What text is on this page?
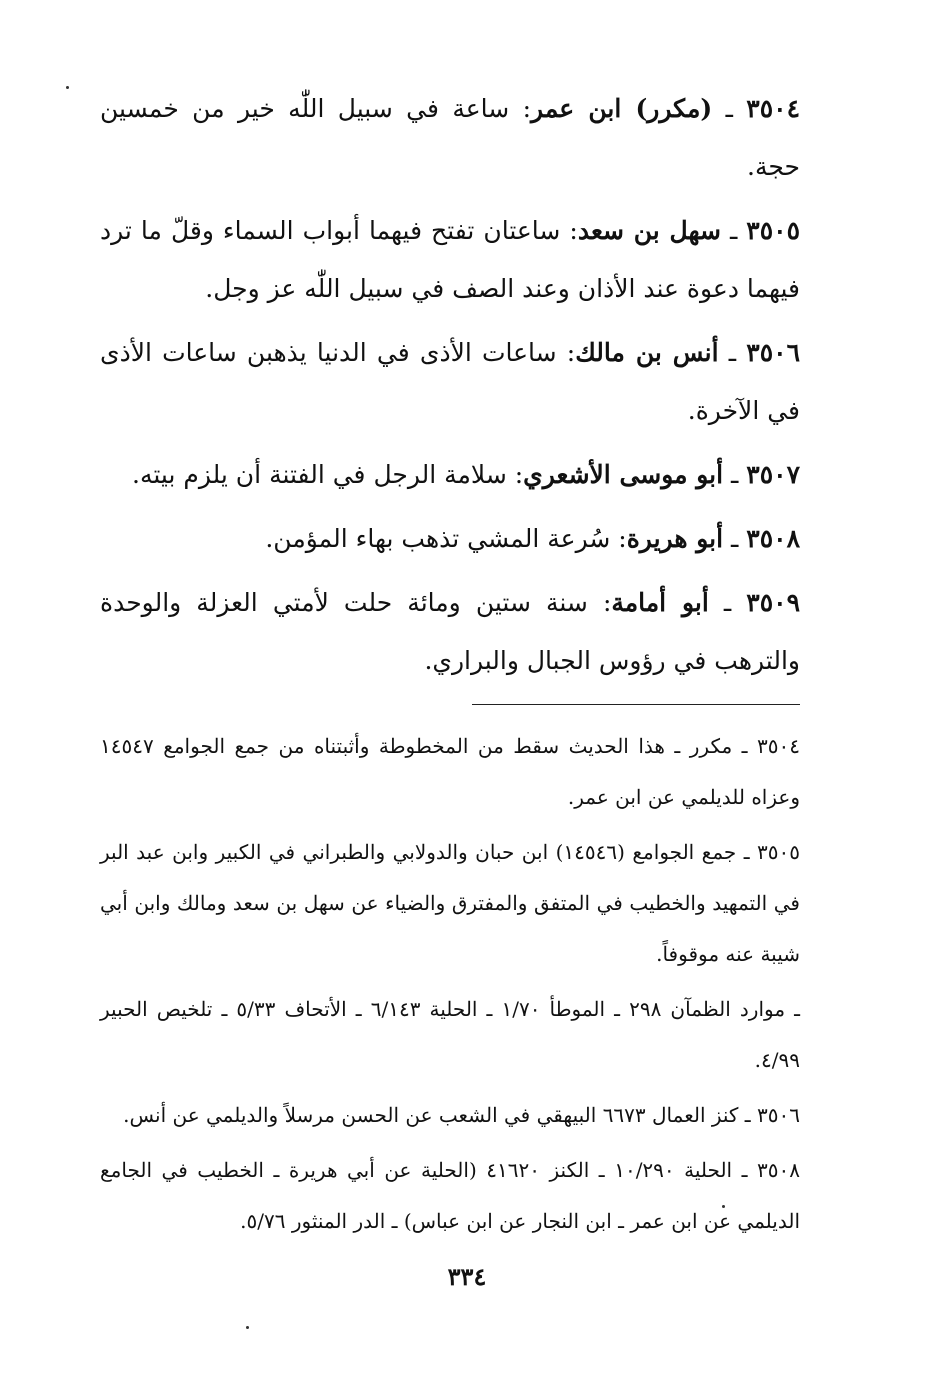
٣٥٠٤ ـ (مكرر) ابن عمر: ساعة في سبيل اللّٰه خير من خمسين حجة.

٣٥٠٥ ـ سهل بن سعد: ساعتان تفتح فيهما أبواب السماء وقلّ ما ترد فيهما دعوة عند الأذان وعند الصف في سبيل اللّٰه عز وجل.

٣٥٠٦ ـ أنس بن مالك: ساعات الأذى في الدنيا يذهبن ساعات الأذى في الآخرة.

٣٥٠٧ ـ أبو موسى الأشعري: سلامة الرجل في الفتنة أن يلزم بيته.

٣٥٠٨ ـ أبو هريرة: سُرعة المشي تذهب بهاء المؤمن.

٣٥٠٩ ـ أبو أمامة: سنة ستين ومائة حلت لأمتي العزلة والوحدة والترهب في رؤوس الجبال والبراري.

٣٥٠٤ ـ مكرر ـ هذا الحديث سقط من المخطوطة وأثبتناه من جمع الجوامع ١٤٥٤٧ وعزاه للديلمي عن ابن عمر.

٣٥٠٥ ـ جمع الجوامع (١٤٥٤٦) ابن حبان والدولابي والطبراني في الكبير وابن عبد البر في التمهيد والخطيب في المتفق والمفترق والضياء عن سهل بن سعد ومالك وابن أبي شيبة عنه موقوفاً.

ـ موارد الظمآن ٢٩٨ ـ الموطأ ١/٧٠ ـ الحلية ٦/١٤٣ ـ الأتحاف ٥/٣٣ ـ تلخيص الحبير ٤/٩٩.

٣٥٠٦ ـ كنز العمال ٦٦٧٣ البيهقي في الشعب عن الحسن مرسلاً والديلمي عن أنس.

٣٥٠٨ ـ الحلية ١٠/٢٩٠ ـ الكنز ٤١٦٢٠ (الحلية عن أبي هريرة ـ الخطيب في الجامع الديلمي عن ابن عمر ـ ابن النجار عن ابن عباس) ـ الدر المنثور ٥/٧٦.

٣٣٤
